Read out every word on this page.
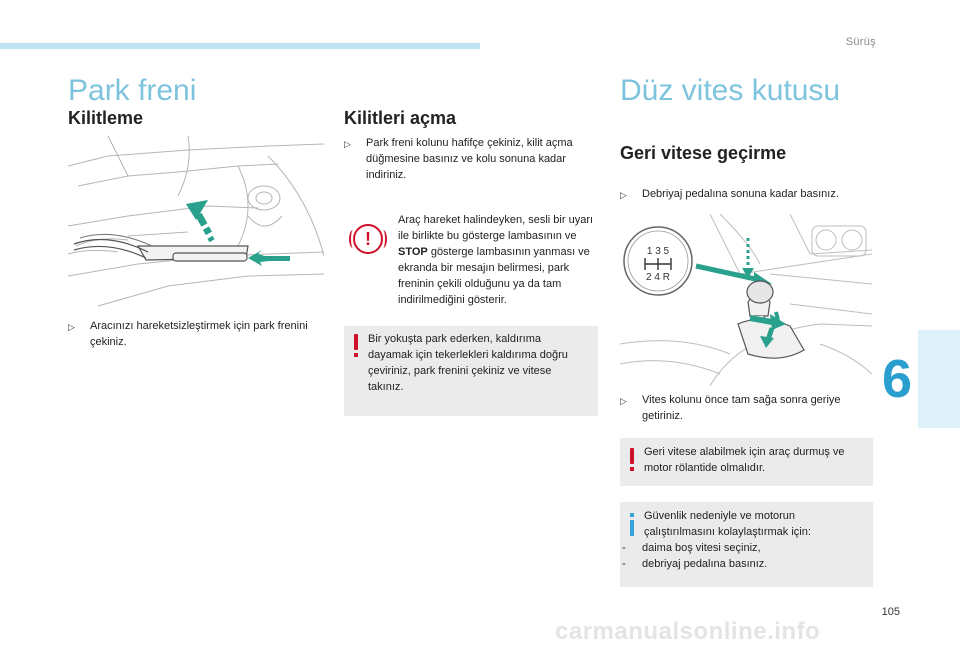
Sürüş
Park freni
Kilitleme
▷	Aracınızı hareketsizleştirmek için park frenini çekiniz.
Kilitleri açma
▷	Park freni kolunu hafifçe çekiniz, kilit açma düğmesine basınız ve kolu sonuna kadar indiriniz.
!
Araç hareket halindeyken, sesli bir uyarı ile birlikte bu gösterge lambasının ve STOP gösterge lambasının yanması ve ekranda bir mesajın belirmesi, park freninin çekili olduğunu ya da tam indirilmediğini gösterir.
Bir yokuşta park ederken, kaldırıma dayamak için tekerlekleri kaldırıma doğru çeviriniz, park frenini çekiniz ve vitese takınız.
Düz vites kutusu
Geri vitese geçirme
▷	Debriyaj pedalına sonuna kadar basınız.
1 3 5
2 4 R
▷	Vites kolunu önce tam sağa sonra geriye getiriniz.
Geri vitese alabilmek için araç durmuş ve motor rölantide olmalıdır.
Güvenlik nedeniyle ve motorun çalıştırılmasını kolaylaştırmak için:
- daima boş vitesi seçiniz,
- debriyaj pedalına basınız.
6
105
carmanualsonline.info
